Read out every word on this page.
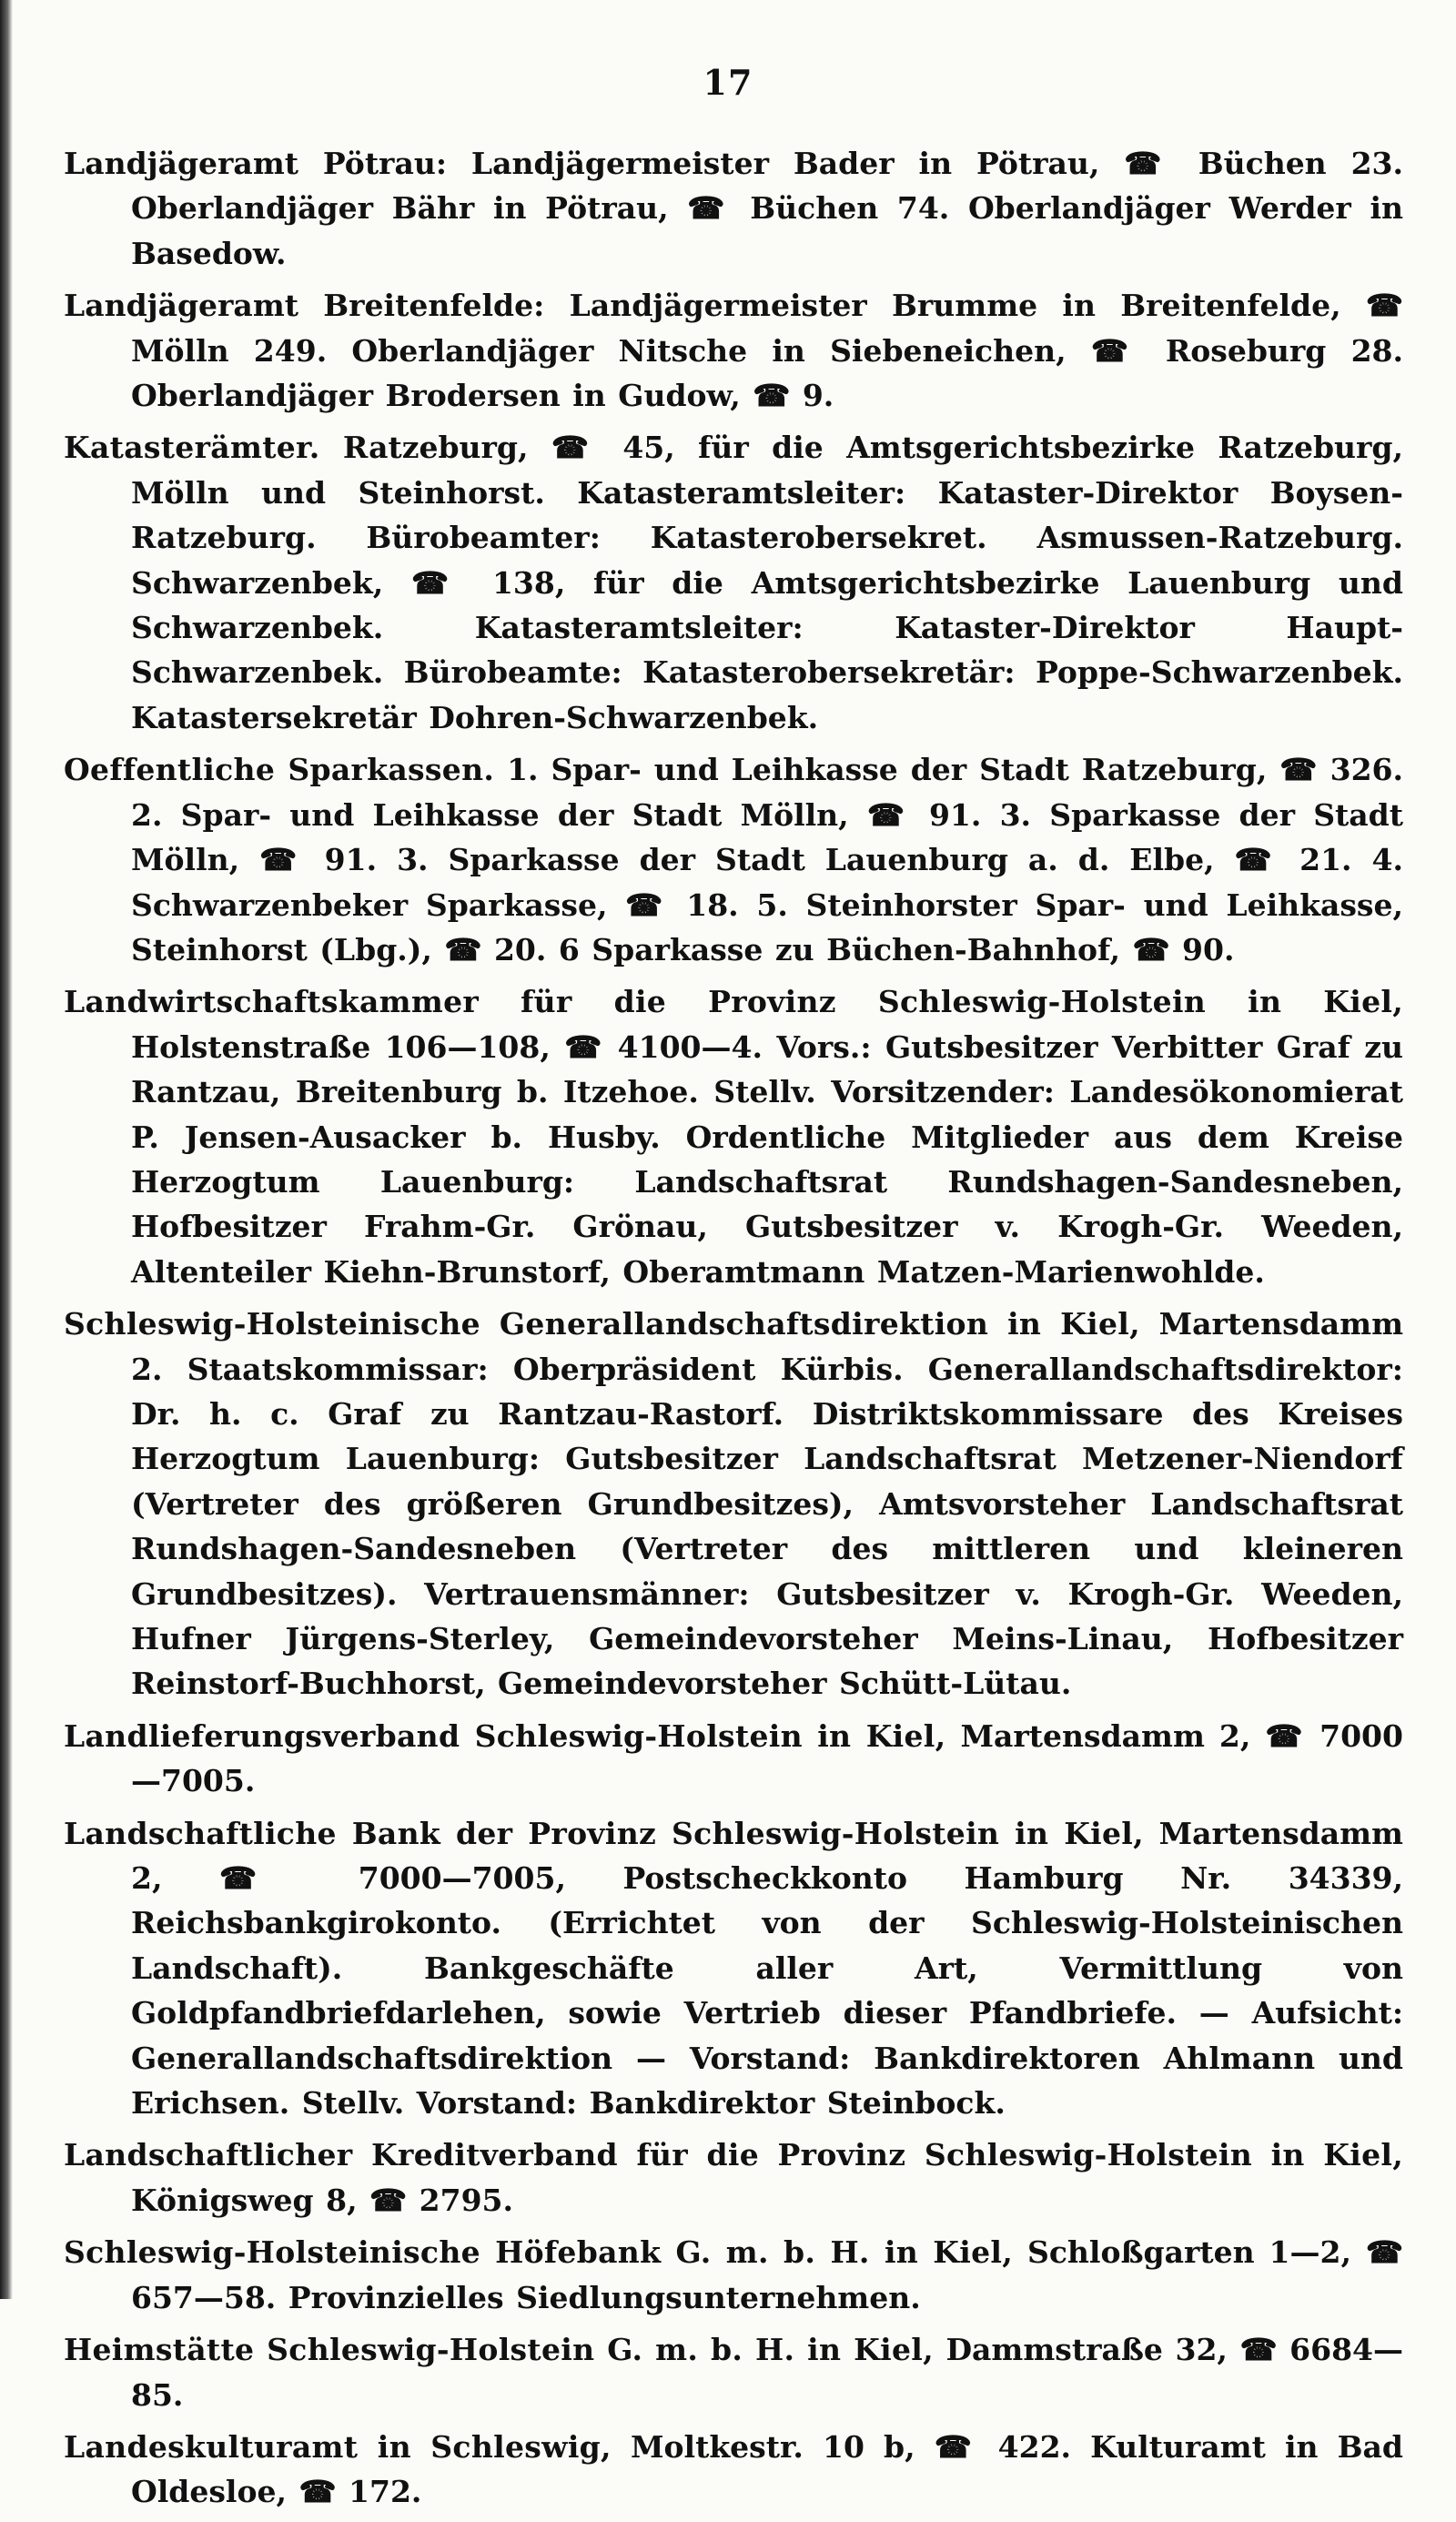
17

Landjägeramt Pötrau: Landjägermeister Bader in Pötrau, ☎ Büchen 23. Oberlandjäger Bähr in Pötrau, ☎ Büchen 74. Oberlandjäger Werder in Basedow.

Landjägeramt Breitenfelde: Landjägermeister Brumme in Breitenfelde, ☎ Mölln 249. Oberlandjäger Nitsche in Siebeneichen, ☎ Roseburg 28. Oberlandjäger Brodersen in Gudow, ☎ 9.

Katasterämter. Ratzeburg, ☎ 45, für die Amtsgerichtsbezirke Ratzeburg, Mölln und Steinhorst. Katasteramtsleiter: Kataster-Direktor Boysen-Ratzeburg. Bürobeamter: Katasterobersekret. Asmussen-Ratzeburg. Schwarzenbek, ☎ 138, für die Amtsgerichtsbezirke Lauenburg und Schwarzenbek. Katasteramtsleiter: Kataster-Direktor Haupt-Schwarzenbek. Bürobeamte: Katasterobersekretär: Poppe-Schwarzenbek. Katastersekretär Dohren-Schwarzenbek.

Oeffentliche Sparkassen. 1. Spar- und Leihkasse der Stadt Ratzeburg, ☎ 326. 2. Spar- und Leihkasse der Stadt Mölln, ☎ 91. 3. Sparkasse der Stadt Mölln, ☎ 91. 3. Sparkasse der Stadt Lauenburg a. d. Elbe, ☎ 21. 4. Schwarzenbeker Sparkasse, ☎ 18. 5. Steinhorster Spar- und Leihkasse, Steinhorst (Lbg.), ☎ 20. 6 Sparkasse zu Büchen-Bahnhof, ☎ 90.

Landwirtschaftskammer für die Provinz Schleswig-Holstein in Kiel, Holstenstraße 106—108, ☎ 4100—4. Vors.: Gutsbesitzer Verbitter Graf zu Rantzau, Breitenburg b. Itzehoe. Stellv. Vorsitzender: Landesökonomierat P. Jensen-Ausacker b. Husby. Ordentliche Mitglieder aus dem Kreise Herzogtum Lauenburg: Landschaftsrat Rundshagen-Sandesneben, Hofbesitzer Frahm-Gr. Grönau, Gutsbesitzer v. Krogh-Gr. Weeden, Altenteiler Kiehn-Brunstorf, Oberamtmann Matzen-Marienwohlde.

Schleswig-Holsteinische Generallandschaftsdirektion in Kiel, Martensdamm 2. Staatskommissar: Oberpräsident Kürbis. Generallandschaftsdirektor: Dr. h. c. Graf zu Rantzau-Rastorf. Distriktskommissare des Kreises Herzogtum Lauenburg: Gutsbesitzer Landschaftsrat Metzener-Niendorf (Vertreter des größeren Grundbesitzes), Amtsvorsteher Landschaftsrat Rundshagen-Sandesneben (Vertreter des mittleren und kleineren Grundbesitzes). Vertrauensmänner: Gutsbesitzer v. Krogh-Gr. Weeden, Hufner Jürgens-Sterley, Gemeindevorsteher Meins-Linau, Hofbesitzer Reinstorf-Buchhorst, Gemeindevorsteher Schütt-Lütau.

Landlieferungsverband Schleswig-Holstein in Kiel, Martensdamm 2, ☎ 7000—7005.

Landschaftliche Bank der Provinz Schleswig-Holstein in Kiel, Martensdamm 2, ☎ 7000—7005, Postscheckkonto Hamburg Nr. 34339, Reichsbankgirokonto. (Errichtet von der Schleswig-Holsteinischen Landschaft). Bankgeschäfte aller Art, Vermittlung von Goldpfandbriefdarlehen, sowie Vertrieb dieser Pfandbriefe. — Aufsicht: Generallandschaftsdirektion — Vorstand: Bankdirektoren Ahlmann und Erichsen. Stellv. Vorstand: Bankdirektor Steinbock.

Landschaftlicher Kreditverband für die Provinz Schleswig-Holstein in Kiel, Königsweg 8, ☎ 2795.

Schleswig-Holsteinische Höfebank G. m. b. H. in Kiel, Schloßgarten 1—2, ☎ 657—58. Provinzielles Siedlungsunternehmen.

Heimstätte Schleswig-Holstein G. m. b. H. in Kiel, Dammstraße 32, ☎ 6684—85.

Landeskulturamt in Schleswig, Moltkestr. 10 b, ☎ 422. Kulturamt in Bad Oldesloe, ☎ 172.
